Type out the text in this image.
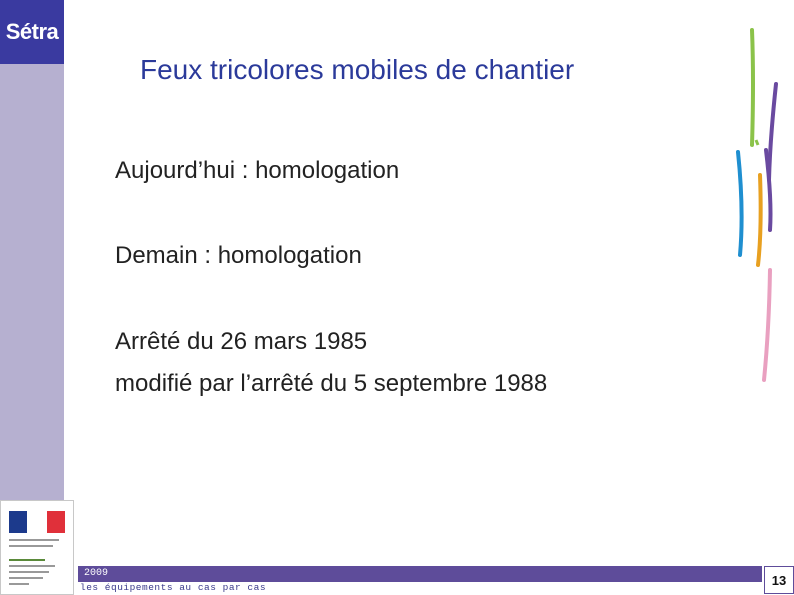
Sétra
Feux tricolores mobiles de chantier
Aujourd’hui : homologation
Demain : homologation
Arrêté du 26 mars 1985
modifié par l’arrêté du 5 septembre 1988
2009
les équipements au cas par cas	13
